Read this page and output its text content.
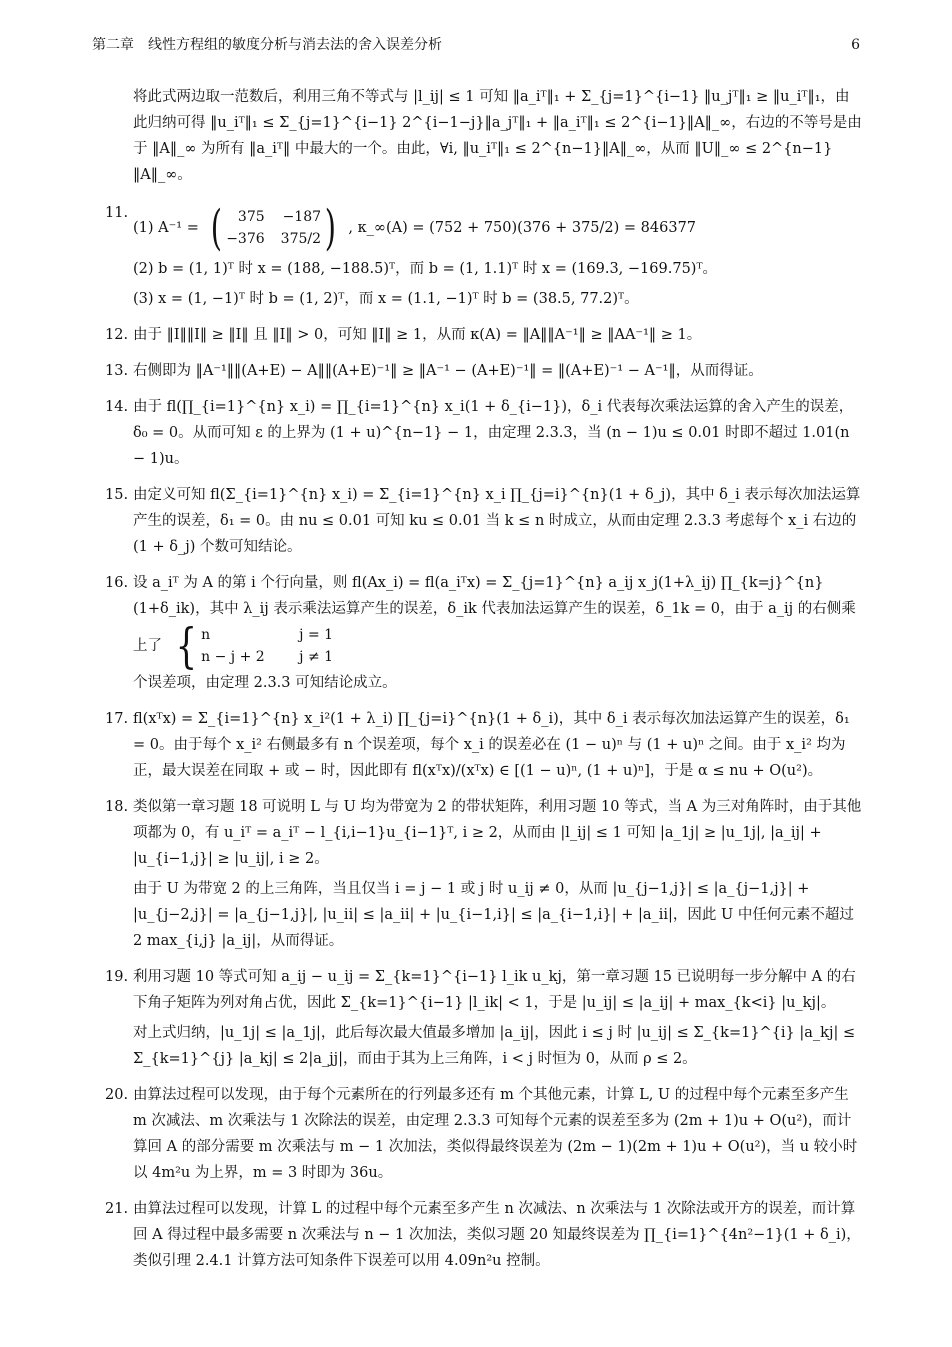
第二章　线性方程组的敏度分析与消去法的舍入误差分析	6
将此式两边取一范数后，利用三角不等式与 |l_ij| ≤ 1 可知 ‖a_iᵀ‖₁ + Σ_{j=1}^{i−1} ‖u_jᵀ‖₁ ≥ ‖u_iᵀ‖₁，由此归纳可得 ‖u_iᵀ‖₁ ≤ Σ_{j=1}^{i−1} 2^{i−1−j}‖a_jᵀ‖₁ + ‖a_iᵀ‖₁ ≤ 2^{i−1}‖A‖_∞，右边的不等号是由于 ‖A‖_∞ 为所有 ‖a_iᵀ‖ 中最大的一个。由此，∀i, ‖u_iᵀ‖₁ ≤ 2^{n−1}‖A‖_∞，从而 ‖U‖_∞ ≤ 2^{n−1}‖A‖_∞。
11.
(1) A⁻¹ = (	375 −187
−376 375/2 ) , κ_∞(A) = (752 + 750)(376 + 375/2) = 846377
(2) b = (1, 1)ᵀ 时 x = (188, −188.5)ᵀ，而 b = (1, 1.1)ᵀ 时 x = (169.3, −169.75)ᵀ。
(3) x = (1, −1)ᵀ 时 b = (1, 2)ᵀ，而 x = (1.1, −1)ᵀ 时 b = (38.5, 77.2)ᵀ。
12. 由于 ‖I‖‖I‖ ≥ ‖I‖ 且 ‖I‖ > 0，可知 ‖I‖ ≥ 1，从而 κ(A) = ‖A‖‖A⁻¹‖ ≥ ‖AA⁻¹‖ ≥ 1。
13. 右侧即为 ‖A⁻¹‖‖(A+E) − A‖‖(A+E)⁻¹‖ ≥ ‖A⁻¹ − (A+E)⁻¹‖ = ‖(A+E)⁻¹ − A⁻¹‖，从而得证。
14. 由于 fl(∏_{i=1}^{n} x_i) = ∏_{i=1}^{n} x_i(1 + δ_{i−1})，δ_i 代表每次乘法运算的舍入产生的误差，δ₀ = 0。从而可知 ε 的上界为 (1 + u)^{n−1} − 1，由定理 2.3.3，当 (n − 1)u ≤ 0.01 时即不超过 1.01(n − 1)u。
15. 由定义可知 fl(Σ_{i=1}^{n} x_i) = Σ_{i=1}^{n} x_i ∏_{j=i}^{n}(1 + δ_j)，其中 δ_i 表示每次加法运算产生的误差，δ₁ = 0。由 nu ≤ 0.01 可知 ku ≤ 0.01 当 k ≤ n 时成立，从而由定理 2.3.3 考虑每个 x_i 右边的 (1 + δ_j) 个数可知结论。
16. 设 a_iᵀ 为 A 的第 i 个行向量，则 fl(Ax_i) = fl(a_iᵀx) = Σ_{j=1}^{n} a_ij x_j(1+λ_ij) ∏_{k=j}^{n}(1+δ_ik)，其中 λ_ij 表示乘法运算产生的误差，δ_ik 代表加法运算产生的误差，δ_1k = 0，由于 a_ij 的右侧乘上了 { n	j = 1
n − j + 2	j ≠ 1
个误差项，由定理 2.3.3 可知结论成立。
17. fl(xᵀx) = Σ_{i=1}^{n} x_i²(1 + λ_i) ∏_{j=i}^{n}(1 + δ_i)，其中 δ_i 表示每次加法运算产生的误差，δ₁ = 0。由于每个 x_i² 右侧最多有 n 个误差项，每个 x_i 的误差必在 (1 − u)ⁿ 与 (1 + u)ⁿ 之间。由于 x_i² 均为正，最大误差在同取 + 或 − 时，因此即有 fl(xᵀx)/(xᵀx) ∈ [(1 − u)ⁿ, (1 + u)ⁿ]，于是 α ≤ nu + O(u²)。
18. 类似第一章习题 18 可说明 L 与 U 均为带宽为 2 的带状矩阵，利用习题 10 等式，当 A 为三对角阵时，由于其他项都为 0，有 u_iᵀ = a_iᵀ − l_{i,i−1}u_{i−1}ᵀ, i ≥ 2，从而由 |l_ij| ≤ 1 可知 |a_1j| ≥ |u_1j|, |a_ij| + |u_{i−1,j}| ≥ |u_ij|, i ≥ 2。
由于 U 为带宽 2 的上三角阵，当且仅当 i = j − 1 或 j 时 u_ij ≠ 0，从而 |u_{j−1,j}| ≤ |a_{j−1,j}| + |u_{j−2,j}| = |a_{j−1,j}|, |u_ii| ≤ |a_ii| + |u_{i−1,i}| ≤ |a_{i−1,i}| + |a_ii|，因此 U 中任何元素不超过 2 max_{i,j} |a_ij|，从而得证。
19. 利用习题 10 等式可知 a_ij − u_ij = Σ_{k=1}^{i−1} l_ik u_kj，第一章习题 15 已说明每一步分解中 A 的右下角子矩阵为列对角占优，因此 Σ_{k=1}^{i−1} |l_ik| < 1，于是 |u_ij| ≤ |a_ij| + max_{k<i} |u_kj|。
对上式归纳，|u_1j| ≤ |a_1j|，此后每次最大值最多增加 |a_ij|，因此 i ≤ j 时 |u_ij| ≤ Σ_{k=1}^{i} |a_kj| ≤ Σ_{k=1}^{j} |a_kj| ≤ 2|a_jj|，而由于其为上三角阵，i < j 时恒为 0，从而 ρ ≤ 2。
20. 由算法过程可以发现，由于每个元素所在的行列最多还有 m 个其他元素，计算 L, U 的过程中每个元素至多产生 m 次减法、m 次乘法与 1 次除法的误差，由定理 2.3.3 可知每个元素的误差至多为 (2m + 1)u + O(u²)，而计算回 A 的部分需要 m 次乘法与 m − 1 次加法，类似得最终误差为 (2m − 1)(2m + 1)u + O(u²)，当 u 较小时以 4m²u 为上界，m = 3 时即为 36u。
21. 由算法过程可以发现，计算 L 的过程中每个元素至多产生 n 次减法、n 次乘法与 1 次除法或开方的误差，而计算回 A 得过程中最多需要 n 次乘法与 n − 1 次加法，类似习题 20 知最终误差为 ∏_{i=1}^{4n²−1}(1 + δ_i)，类似引理 2.4.1 计算方法可知条件下误差可以用 4.09n²u 控制。
